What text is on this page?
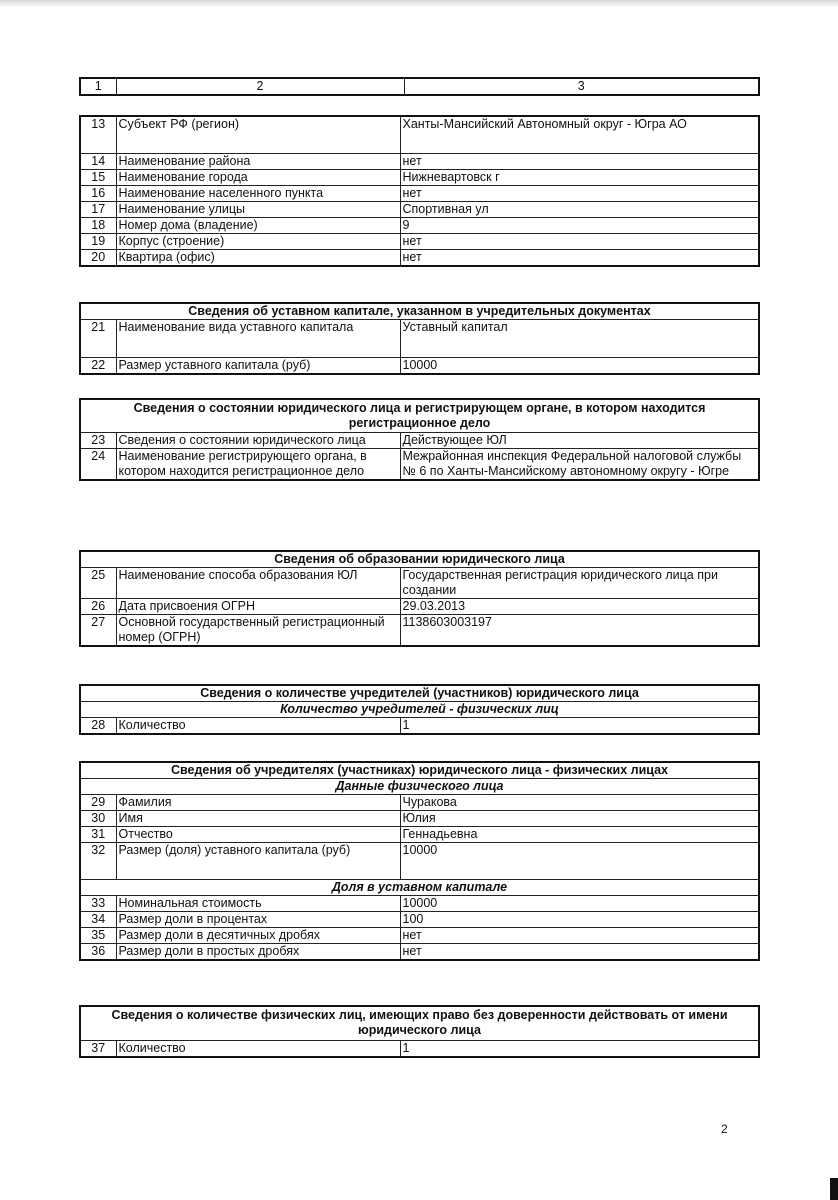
1	2	3
13	Субъект РФ (регион)	Ханты-Мансийский Автономный округ - Югра АО
14	Наименование района	нет
15	Наименование города	Нижневартовск г
16	Наименование населенного пункта	нет
17	Наименование улицы	Спортивная ул
18	Номер дома (владение)	9
19	Корпус (строение)	нет
20	Квартира (офис)	нет
Сведения об уставном капитале, указанном в учредительных документах		
21	Наименование вида уставного капитала	Уставный капитал
22	Размер уставного капитала (руб)	10000
Сведения о состоянии юридического лица и регистрирующем органе, в котором находится регистрационное дело		
23	Сведения о состоянии юридического лица	Действующее ЮЛ
24	Наименование регистрирующего органа, в котором находится регистрационное дело	Межрайонная инспекция Федеральной налоговой службы № 6 по Ханты-Мансийскому автономному округу - Югре
Сведения об образовании юридического лица		
25	Наименование способа образования ЮЛ	Государственная регистрация юридического лица при создании
26	Дата присвоения ОГРН	29.03.2013
27	Основной государственный регистрационный номер (ОГРН)	1138603003197
Сведения о количестве учредителей (участников) юридического лица
Количество учредителей - физических лиц
28	Количество	1
Сведения об учредителях (участниках) юридического лица - физических лицах		
Данные физического лица		
29	Фамилия	Чуракова
30	Имя	Юлия
31	Отчество	Геннадьевна
32	Размер (доля) уставного капитала (руб)	10000
Доля в уставном капитале		
33	Номинальная стоимость	10000
34	Размер доли в процентах	100
35	Размер доли в десятичных дробях	нет
36	Размер доли в простых дробях	нет
Сведения о количестве физических лиц, имеющих право без доверенности действовать от имени юридического лица
37	Количество	1
2
